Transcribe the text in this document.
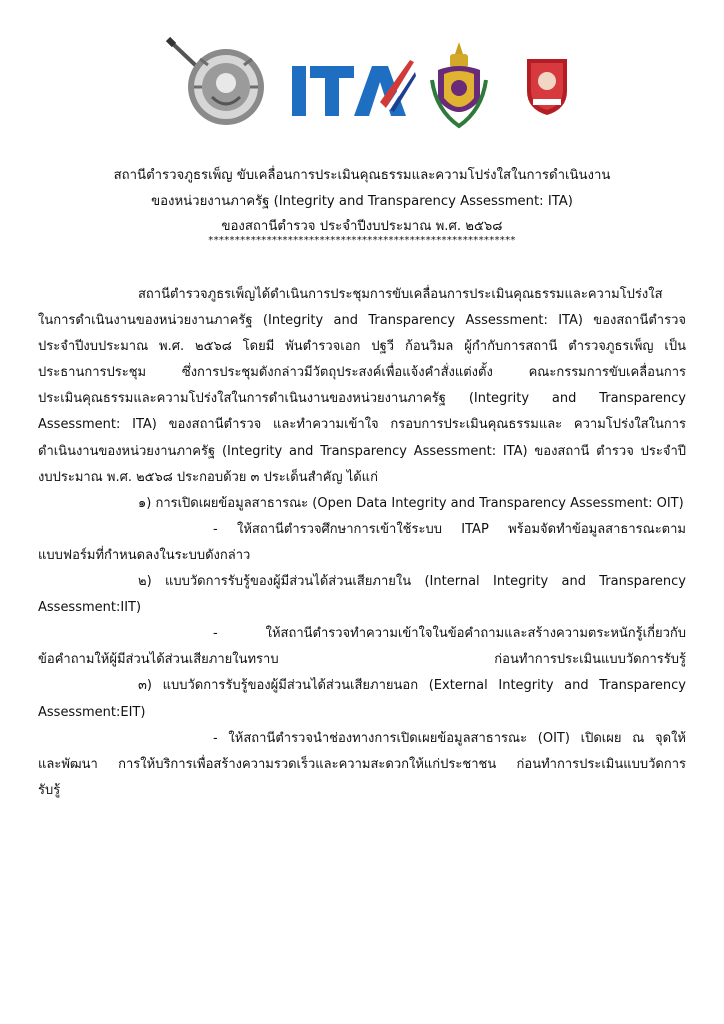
ITA
สถานีตำรวจภูธรเพ็ญ ขับเคลื่อนการประเมินคุณธรรมและความโปร่งใสในการดำเนินงาน
ของหน่วยงานภาครัฐ (Integrity and Transparency Assessment: ITA)
ของสถานีตำรวจ ประจำปีงบประมาณ พ.ศ. ๒๕๖๘
**********************************************************
สถานีตำรวจภูธรเพ็ญได้ดำเนินการประชุมการขับเคลื่อนการประเมินคุณธรรมและความโปร่งใส
ในการดำเนินงานของหน่วยงานภาครัฐ (Integrity and Transparency Assessment: ITA) ของสถานีตำรวจ
ประจำปีงบประมาณ พ.ศ. ๒๕๖๘ โดยมี พันตำรวจเอก ปฐวี ก้อนวิมล ผู้กำกับการสถานี ตำรวจภูธรเพ็ญ เป็น
ประธานการประชุม ซึ่งการประชุมดังกล่าวมีวัตถุประสงค์เพื่อแจ้งคำสั่งแต่งตั้ง คณะกรรมการขับเคลื่อนการ
ประเมินคุณธรรมและความโปร่งใสในการดำเนินงานของหน่วยงานภาครัฐ (Integrity and Transparency
Assessment: ITA) ของสถานีตำรวจ และทำความเข้าใจ กรอบการประเมินคุณธรรมและ ความโปร่งใสในการ
ดำเนินงานของหน่วยงานภาครัฐ (Integrity and Transparency Assessment: ITA) ของสถานี ตำรวจ ประจำปี
งบประมาณ พ.ศ. ๒๕๖๘ ประกอบด้วย ๓ ประเด็นสำคัญ ได้แก่
๑) การเปิดเผยข้อมูลสาธารณะ (Open Data Integrity and Transparency Assessment: OIT)
- ให้สถานีตำรวจศึกษาการเข้าใช้ระบบ ITAP พร้อมจัดทำข้อมูลสาธารณะตาม
แบบฟอร์มที่กำหนดลงในระบบดังกล่าว
๒) แบบวัดการรับรู้ของผู้มีส่วนได้ส่วนเสียภายใน (Internal Integrity and Transparency
Assessment:IIT)
- ให้สถานีตำรวจทำความเข้าใจในข้อคำถามและสร้างความตระหนักรู้เกี่ยวกับ
ข้อคำถามให้ผู้มีส่วนได้ส่วนเสียภายในทราบ	ก่อนทำการประเมินแบบวัดการรับรู้
๓) แบบวัดการรับรู้ของผู้มีส่วนได้ส่วนเสียภายนอก (External Integrity and Transparency
Assessment:EIT)
- ให้สถานีตำรวจนำช่องทางการเปิดเผยข้อมูลสาธารณะ (OIT) เปิดเผย ณ จุดให้
และพัฒนา การให้บริการเพื่อสร้างความรวดเร็วและความสะดวกให้แก่ประชาชน ก่อนทำการประเมินแบบวัดการ
รับรู้
